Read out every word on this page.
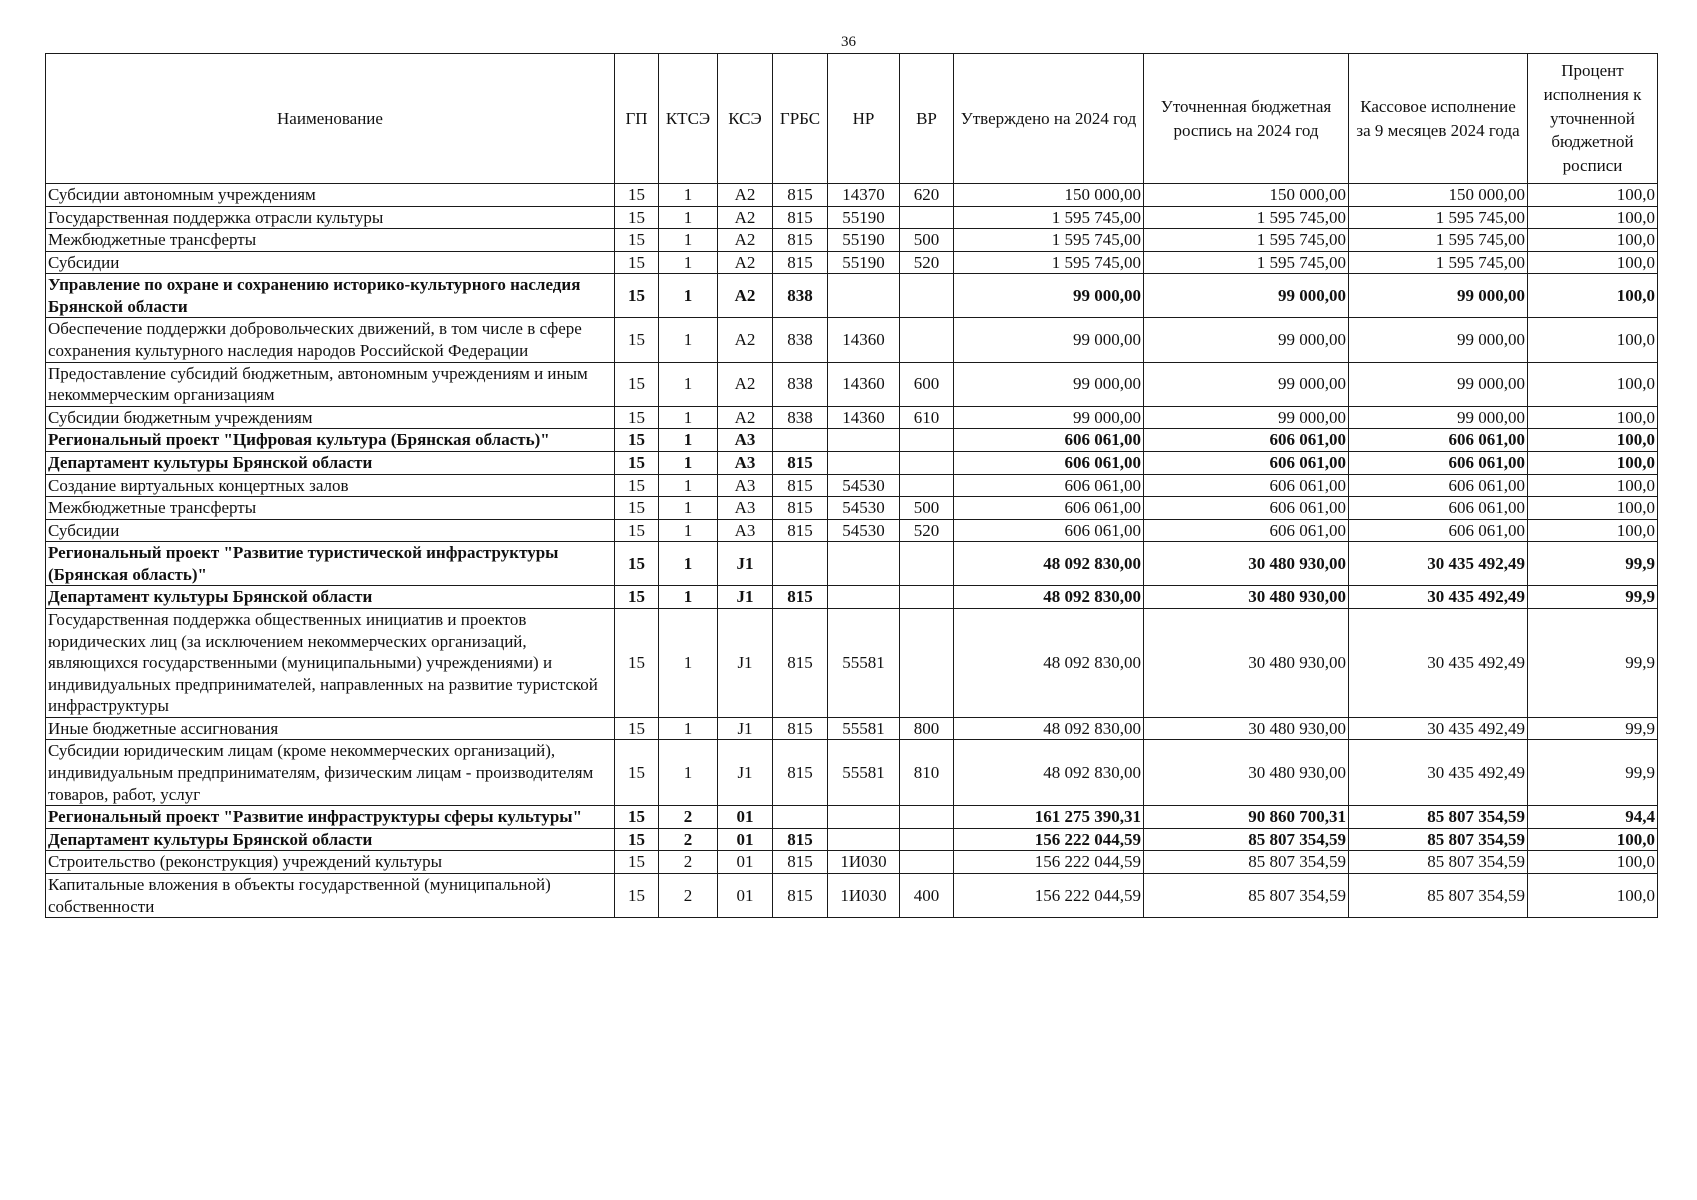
36
Наименование	ГП	КТСЭ	КСЭ	ГРБС	НР	ВР	Утверждено на 2024 год	Уточненная бюджетная роспись на 2024 год	Кассовое исполнение за 9 месяцев 2024 года	Процент исполнения к уточненной бюджетной росписи
Субсидии автономным учреждениям	15	1	А2	815	14370	620	150 000,00	150 000,00	150 000,00	100,0
Государственная поддержка отрасли культуры	15	1	А2	815	55190		1 595 745,00	1 595 745,00	1 595 745,00	100,0
Межбюджетные трансферты	15	1	А2	815	55190	500	1 595 745,00	1 595 745,00	1 595 745,00	100,0
Субсидии	15	1	А2	815	55190	520	1 595 745,00	1 595 745,00	1 595 745,00	100,0
Управление по охране и сохранению историко-культурного наследия Брянской области	15	1	А2	838			99 000,00	99 000,00	99 000,00	100,0
Обеспечение поддержки добровольческих движений, в том числе в сфере сохранения культурного наследия народов Российской Федерации	15	1	А2	838	14360		99 000,00	99 000,00	99 000,00	100,0
Предоставление субсидий бюджетным, автономным учреждениям и иным некоммерческим организациям	15	1	А2	838	14360	600	99 000,00	99 000,00	99 000,00	100,0
Субсидии бюджетным учреждениям	15	1	А2	838	14360	610	99 000,00	99 000,00	99 000,00	100,0
Региональный проект "Цифровая культура (Брянская область)"	15	1	А3				606 061,00	606 061,00	606 061,00	100,0
Департамент культуры Брянской области	15	1	А3	815			606 061,00	606 061,00	606 061,00	100,0
Создание виртуальных концертных залов	15	1	А3	815	54530		606 061,00	606 061,00	606 061,00	100,0
Межбюджетные трансферты	15	1	А3	815	54530	500	606 061,00	606 061,00	606 061,00	100,0
Субсидии	15	1	А3	815	54530	520	606 061,00	606 061,00	606 061,00	100,0
Региональный проект "Развитие туристической инфраструктуры (Брянская область)"	15	1	J1				48 092 830,00	30 480 930,00	30 435 492,49	99,9
Департамент культуры Брянской области	15	1	J1	815			48 092 830,00	30 480 930,00	30 435 492,49	99,9
Государственная поддержка общественных инициатив и проектов юридических лиц (за исключением некоммерческих организаций, являющихся государственными (муниципальными) учреждениями) и индивидуальных предпринимателей, направленных на развитие туристской инфраструктуры	15	1	J1	815	55581		48 092 830,00	30 480 930,00	30 435 492,49	99,9
Иные бюджетные ассигнования	15	1	J1	815	55581	800	48 092 830,00	30 480 930,00	30 435 492,49	99,9
Субсидии юридическим лицам (кроме некоммерческих организаций), индивидуальным предпринимателям, физическим лицам - производителям товаров, работ, услуг	15	1	J1	815	55581	810	48 092 830,00	30 480 930,00	30 435 492,49	99,9
Региональный проект "Развитие инфраструктуры сферы культуры"	15	2	01				161 275 390,31	90 860 700,31	85 807 354,59	94,4
Департамент культуры Брянской области	15	2	01	815			156 222 044,59	85 807 354,59	85 807 354,59	100,0
Строительство (реконструкция) учреждений культуры	15	2	01	815	1И030		156 222 044,59	85 807 354,59	85 807 354,59	100,0
Капитальные вложения в объекты государственной (муниципальной) собственности	15	2	01	815	1И030	400	156 222 044,59	85 807 354,59	85 807 354,59	100,0
